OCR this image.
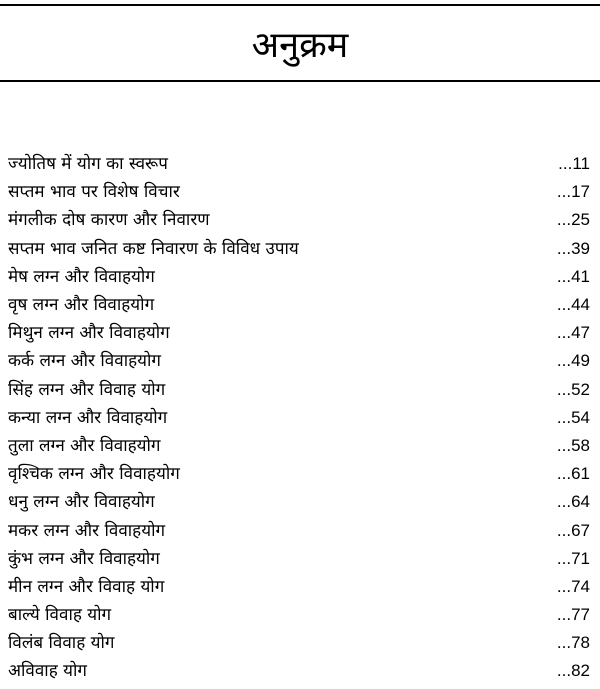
अनुक्रम
ज्योतिष में योग का स्वरूप	...11
सप्तम भाव पर विशेष विचार	...17
मंगलीक दोष कारण और निवारण	...25
सप्तम भाव जनित कष्ट निवारण के विविध उपाय	...39
मेष लग्न और विवाहयोग	...41
वृष लग्न और विवाहयोग	...44
मिथुन लग्न और विवाहयोग	...47
कर्क लग्न और विवाहयोग	...49
सिंह लग्न और विवाह योग	...52
कन्या लग्न और विवाहयोग	...54
तुला लग्न और विवाहयोग	...58
वृश्चिक लग्न और विवाहयोग	...61
धनु लग्न और विवाहयोग	...64
मकर लग्न और विवाहयोग	...67
कुंभ लग्न और विवाहयोग	...71
मीन लग्न और विवाह योग	...74
बाल्ये विवाह योग	...77
विलंब विवाह योग	...78
अविवाह योग	...82
